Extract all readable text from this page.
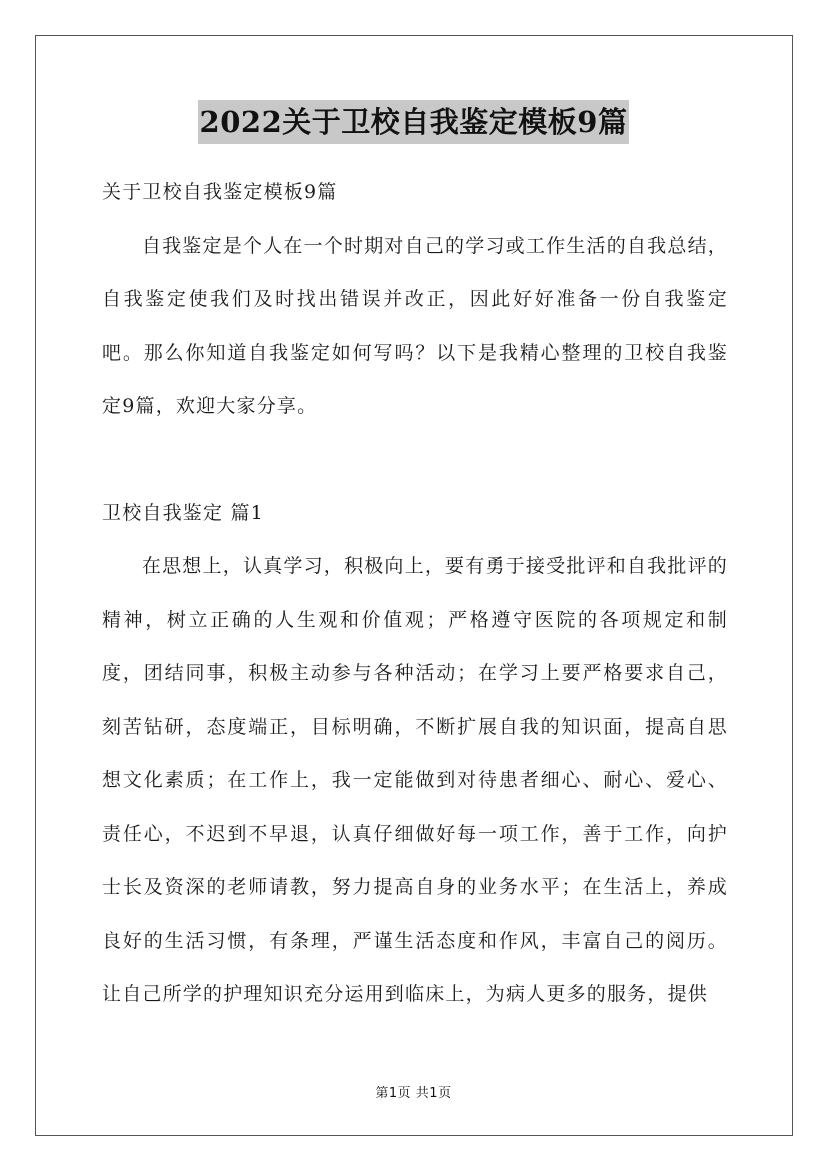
2022关于卫校自我鉴定模板9篇

关于卫校自我鉴定模板9篇

自我鉴定是个人在一个时期对自己的学习或工作生活的自我总结，自我鉴定使我们及时找出错误并改正，因此好好准备一份自我鉴定吧。那么你知道自我鉴定如何写吗？以下是我精心整理的卫校自我鉴定9篇，欢迎大家分享。

卫校自我鉴定 篇1

在思想上，认真学习，积极向上，要有勇于接受批评和自我批评的精神，树立正确的人生观和价值观；严格遵守医院的各项规定和制度，团结同事，积极主动参与各种活动；在学习上要严格要求自己，刻苦钻研，态度端正，目标明确，不断扩展自我的知识面，提高自思想文化素质；在工作上，我一定能做到对待患者细心、耐心、爱心、责任心，不迟到不早退，认真仔细做好每一项工作，善于工作，向护士长及资深的老师请教，努力提高自身的业务水平；在生活上，养成良好的生活习惯，有条理，严谨生活态度和作风，丰富自己的阅历。让自己所学的护理知识充分运用到临床上，为病人更多的服务，提供

第1页 共1页
